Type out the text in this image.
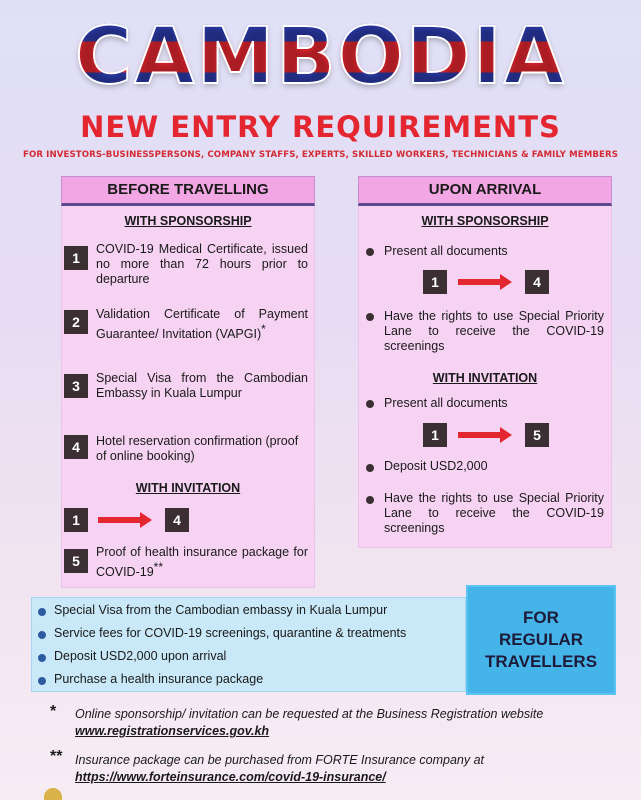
CAMBODIA
NEW ENTRY REQUIREMENTS
FOR INVESTORS-BUSINESSPERSONS, COMPANY STAFFS, EXPERTS, SKILLED WORKERS, TECHNICIANS & FAMILY MEMBERS
BEFORE TRAVELLING
WITH SPONSORSHIP
1
COVID-19 Medical Certificate, issued no more than 72 hours prior to departure
2	Validation Certificate of Payment Guarantee/ Invitation (VAPGI)*
3	Special Visa from the Cambodian Embassy in Kuala Lumpur
4	Hotel reservation confirmation (proof of online booking)
WITH INVITATION
1	4
5
Proof of health insurance package for COVID-19**
UPON ARRIVAL
WITH SPONSORSHIP
Present all documents
1	4
Have the rights to use Special Priority Lane to receive the COVID-19 screenings
WITH INVITATION
Present all documents
1	5
Deposit USD2,000
Have the rights to use Special Priority Lane to receive the COVID-19 screenings
Special Visa from the Cambodian embassy in Kuala Lumpur
Service fees for COVID-19 screenings, quarantine & treatments
Deposit USD2,000 upon arrival
Purchase a health insurance package
FOR
REGULAR
TRAVELLERS
* Online sponsorship/ invitation can be requested at the Business Registration website www.registrationservices.gov.kh
** Insurance package can be purchased from FORTE Insurance company at https://www.forteinsurance.com/covid-19-insurance/
